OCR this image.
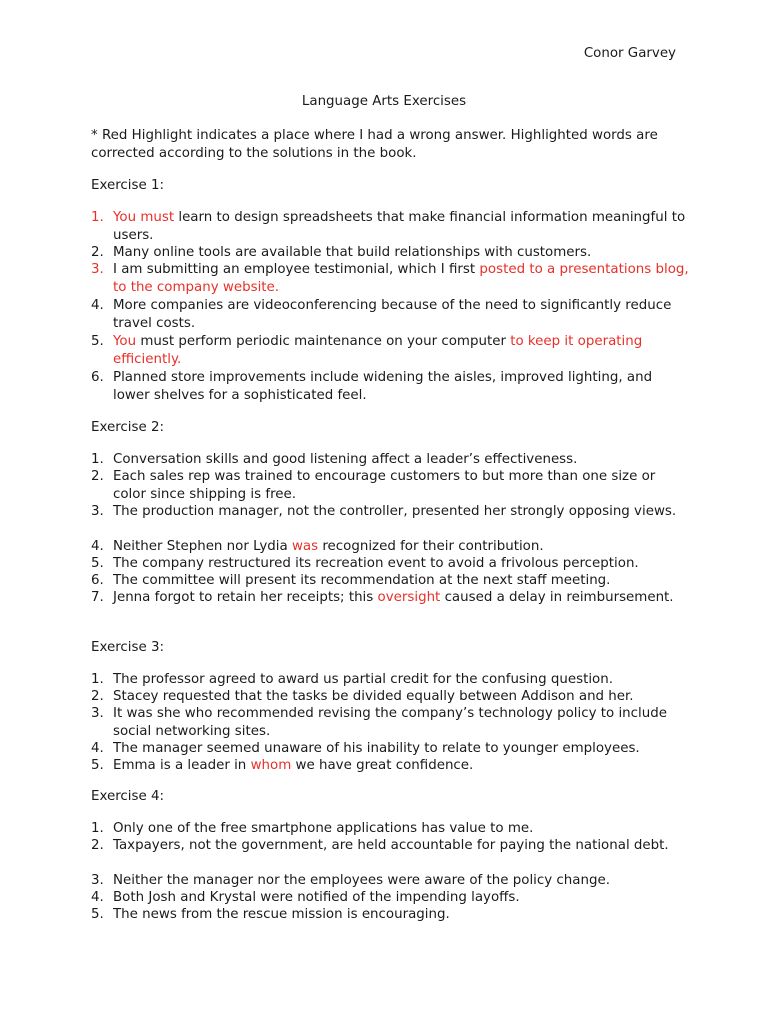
Conor Garvey
Language Arts Exercises
* Red Highlight indicates a place where I had a wrong answer. Highlighted words are corrected according to the solutions in the book.
Exercise 1:
1. You must learn to design spreadsheets that make financial information meaningful to users.
2. Many online tools are available that build relationships with customers.
3. I am submitting an employee testimonial, which I first posted to a presentations blog, to the company website.
4. More companies are videoconferencing because of the need to significantly reduce travel costs.
5. You must perform periodic maintenance on your computer to keep it operating efficiently.
6. Planned store improvements include widening the aisles, improved lighting, and lower shelves for a sophisticated feel.
Exercise 2:
1. Conversation skills and good listening affect a leader’s effectiveness.
2. Each sales rep was trained to encourage customers to but more than one size or color since shipping is free.
3. The production manager, not the controller, presented her strongly opposing views.
4. Neither Stephen nor Lydia was recognized for their contribution.
5. The company restructured its recreation event to avoid a frivolous perception.
6. The committee will present its recommendation at the next staff meeting.
7. Jenna forgot to retain her receipts; this oversight caused a delay in reimbursement.
Exercise 3:
1. The professor agreed to award us partial credit for the confusing question.
2. Stacey requested that the tasks be divided equally between Addison and her.
3. It was she who recommended revising the company’s technology policy to include social networking sites.
4. The manager seemed unaware of his inability to relate to younger employees.
5. Emma is a leader in whom we have great confidence.
Exercise 4:
1. Only one of the free smartphone applications has value to me.
2. Taxpayers, not the government, are held accountable for paying the national debt.
3. Neither the manager nor the employees were aware of the policy change.
4. Both Josh and Krystal were notified of the impending layoffs.
5. The news from the rescue mission is encouraging.
